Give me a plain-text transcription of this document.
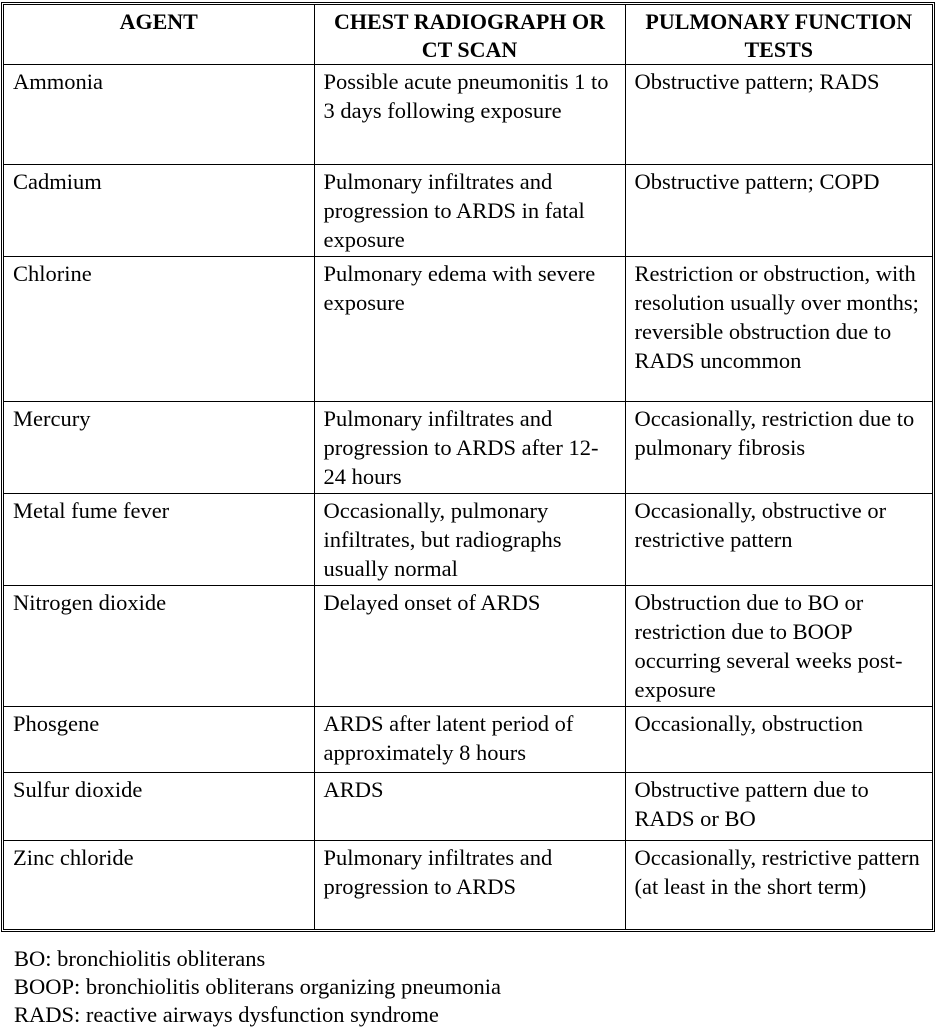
AGENT	CHEST RADIOGRAPH OR CT SCAN	PULMONARY FUNCTION TESTS
Ammonia	Possible acute pneumonitis 1 to 3 days following exposure	Obstructive pattern; RADS
Cadmium	Pulmonary infiltrates and progression to ARDS in fatal exposure	Obstructive pattern; COPD
Chlorine	Pulmonary edema with severe exposure	Restriction or obstruction, with resolution usually over months; reversible obstruction due to RADS uncommon
Mercury	Pulmonary infiltrates and progression to ARDS after 12-24 hours	Occasionally, restriction due to pulmonary fibrosis
Metal fume fever	Occasionally, pulmonary infiltrates, but radiographs usually normal	Occasionally, obstructive or restrictive pattern
Nitrogen dioxide	Delayed onset of ARDS	Obstruction due to BO or restriction due to BOOP occurring several weeks post-exposure
Phosgene	ARDS after latent period of approximately 8 hours	Occasionally, obstruction
Sulfur dioxide	ARDS	Obstructive pattern due to RADS or BO
Zinc chloride	Pulmonary infiltrates and progression to ARDS	Occasionally, restrictive pattern (at least in the short term)
BO: bronchiolitis obliterans
BOOP: bronchiolitis obliterans organizing pneumonia
RADS: reactive airways dysfunction syndrome
